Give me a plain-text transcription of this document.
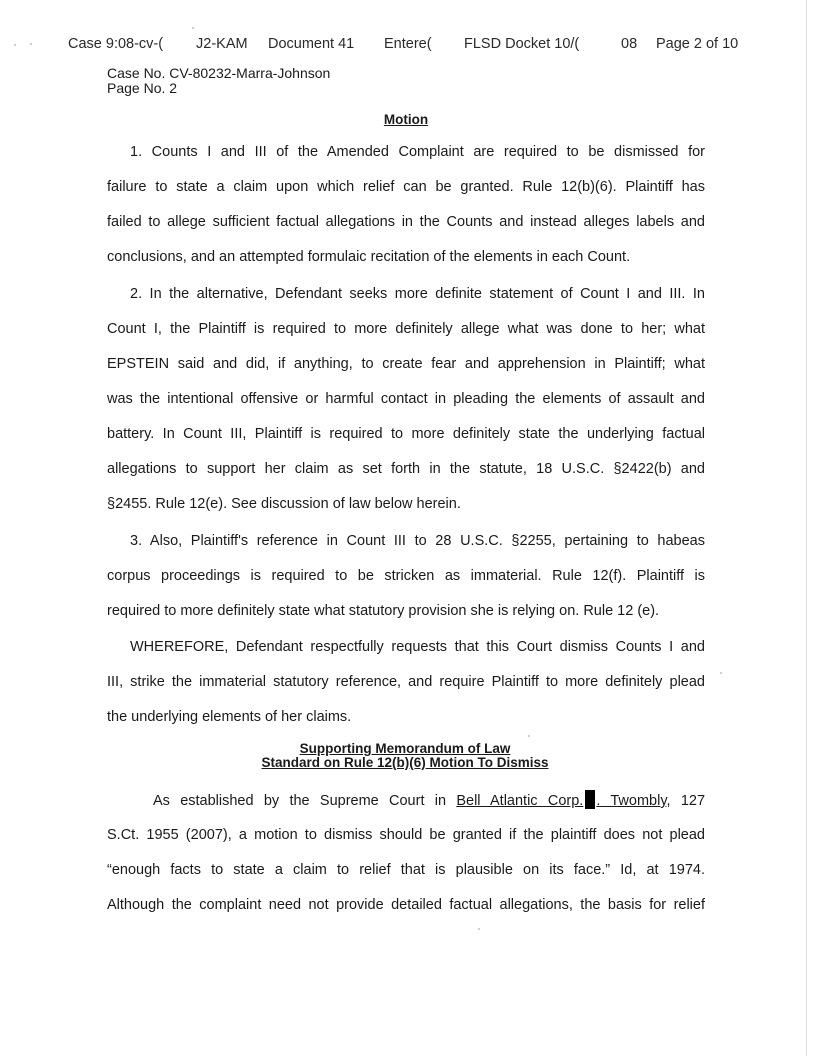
Case 9:08-cv-( J2-KAM Document 41 Entere( FLSD Docket 10/(	08 Page 2 of 10
Case No. CV-80232-Marra-Johnson
Page No. 2
Motion
1. Counts I and III of the Amended Complaint are required to be dismissed for
failure to state a claim upon which relief can be granted. Rule 12(b)(6). Plaintiff has
failed to allege sufficient factual allegations in the Counts and instead alleges labels and
conclusions, and an attempted formulaic recitation of the elements in each Count.
2. In the alternative, Defendant seeks more definite statement of Count I and III. In
Count I, the Plaintiff is required to more definitely allege what was done to her; what
EPSTEIN said and did, if anything, to create fear and apprehension in Plaintiff; what
was the intentional offensive or harmful contact in pleading the elements of assault and
battery. In Count III, Plaintiff is required to more definitely state the underlying factual
allegations to support her claim as set forth in the statute, 18 U.S.C. §2422(b) and
§2455. Rule 12(e). See discussion of law below herein.
3. Also, Plaintiff's reference in Count III to 28 U.S.C. §2255, pertaining to habeas
corpus proceedings is required to be stricken as immaterial. Rule 12(f). Plaintiff is
required to more definitely state what statutory provision she is relying on. Rule 12 (e).
WHEREFORE, Defendant respectfully requests that this Court dismiss Counts I and
III, strike the immaterial statutory reference, and require Plaintiff to more definitely plead
the underlying elements of her claims.
Supporting Memorandum of Law
Standard on Rule 12(b)(6) Motion To Dismiss
As established by the Supreme Court in Bell Atlantic Corp. . Twombly, 127
S.Ct. 1955 (2007), a motion to dismiss should be granted if the plaintiff does not plead
“enough facts to state a claim to relief that is plausible on its face.” Id, at 1974.
Although the complaint need not provide detailed factual allegations, the basis for relief
